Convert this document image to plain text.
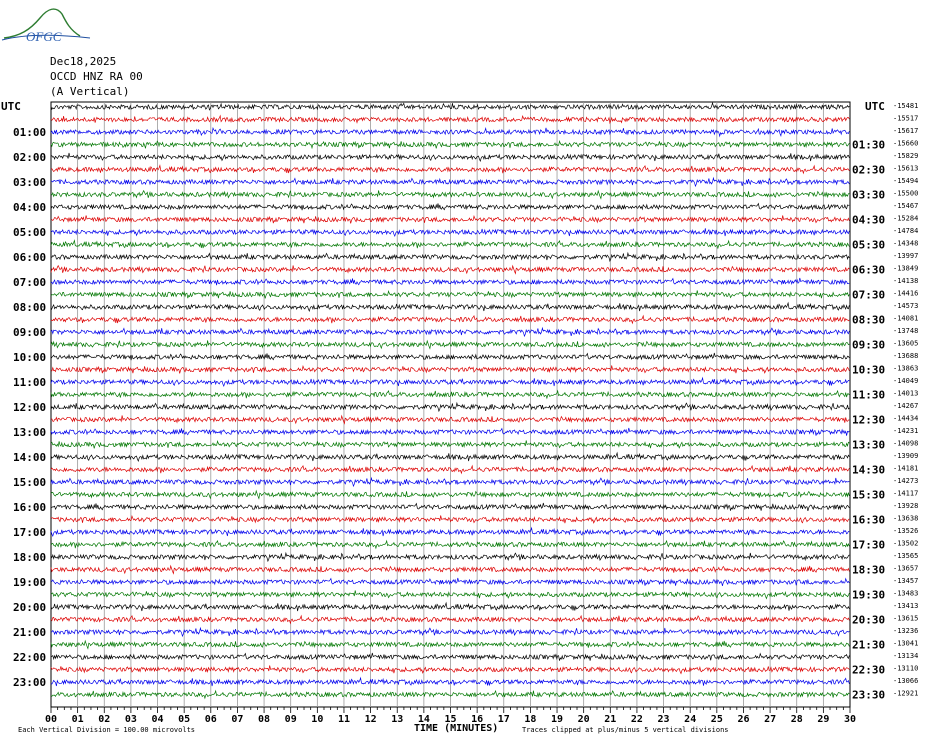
OFGC
Dec18,2025
OCCD HNZ RA 00
(A Vertical)
UTC	UTC
01:00
02:00
03:00
04:00
05:00
06:00
07:00
08:00
09:00
10:00
11:00
12:00
13:00
14:00
15:00
16:00
17:00
18:00
19:00
20:00
21:00
22:00
23:00
01:30
02:30
03:30
04:30
05:30
06:30
07:30
08:30
09:30
10:30
11:30
12:30
13:30
14:30
15:30
16:30
17:30
18:30
19:30
20:30
21:30
22:30
23:30
-15481
-15517
-15617
-15660
-15829
-15613
-15494
-15500
-15467
-15284
-14784
-14348
-13997
-13849
-14138
-14416
-14573
-14081
-13748
-13605
-13688
-13863
-14049
-14013
-14267
-14434
-14231
-14098
-13909
-14181
-14273
-14117
-13928
-13638
-13526
-13502
-13565
-13657
-13457
-13483
-13413
-13615
-13236
-13041
-13134
-13110
-13066
-12921
00 01 02 03 04 05 06 07 08 09 10 11 12 13 14 15 16 17 18 19 20 21 22 23 24 25 26 27 28 29 30
Each Vertical Division = 100.00 microvolts	TIME (MINUTES)	Traces clipped at plus/minus 5 vertical divisions
